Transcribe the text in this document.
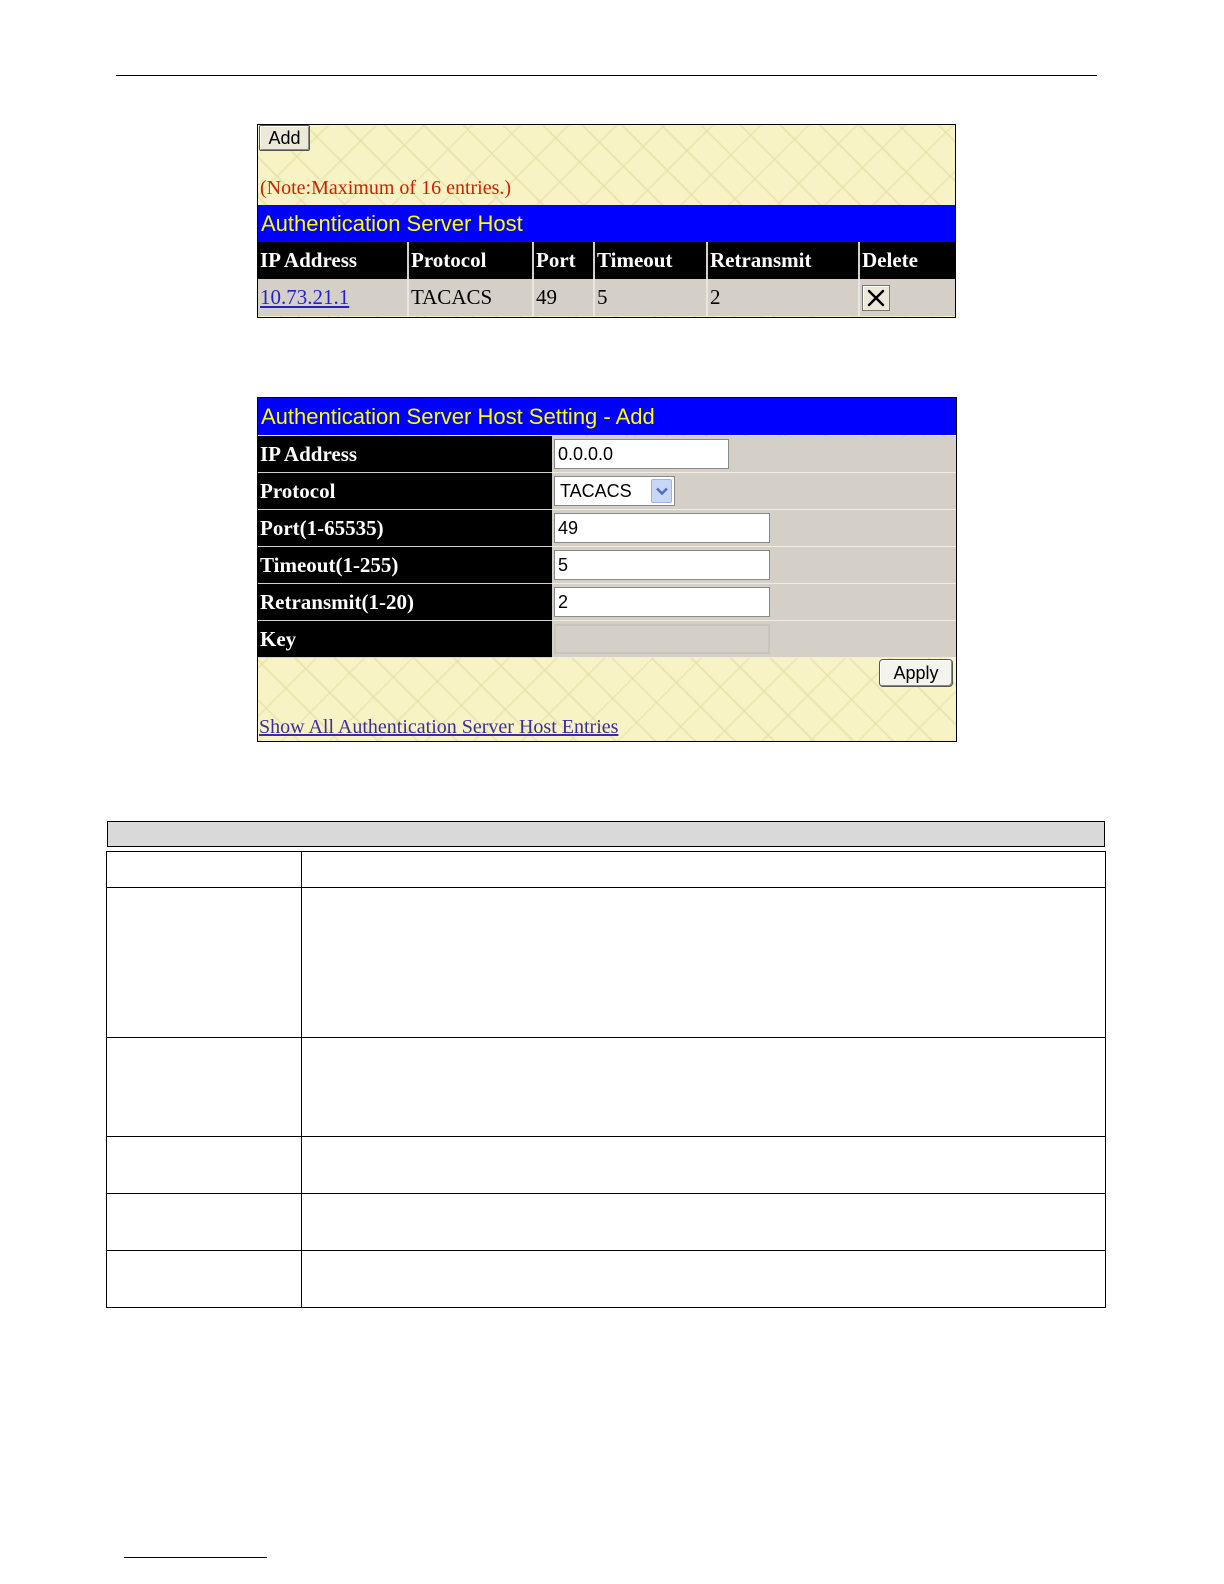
Add
(Note:Maximum of 16 entries.)
Authentication Server Host
IP Address	Protocol	Port	Timeout	Retransmit	Delete
10.73.21.1	TACACS	49	5	2	
Authentication Server Host Setting - Add
IP Address	0.0.0.0
Protocol	TACACS

Port(1-65535)	49
Timeout(1-255)	5
Retransmit(1-20)	2
Key	
Apply
Show All Authentication Server Host Entries
